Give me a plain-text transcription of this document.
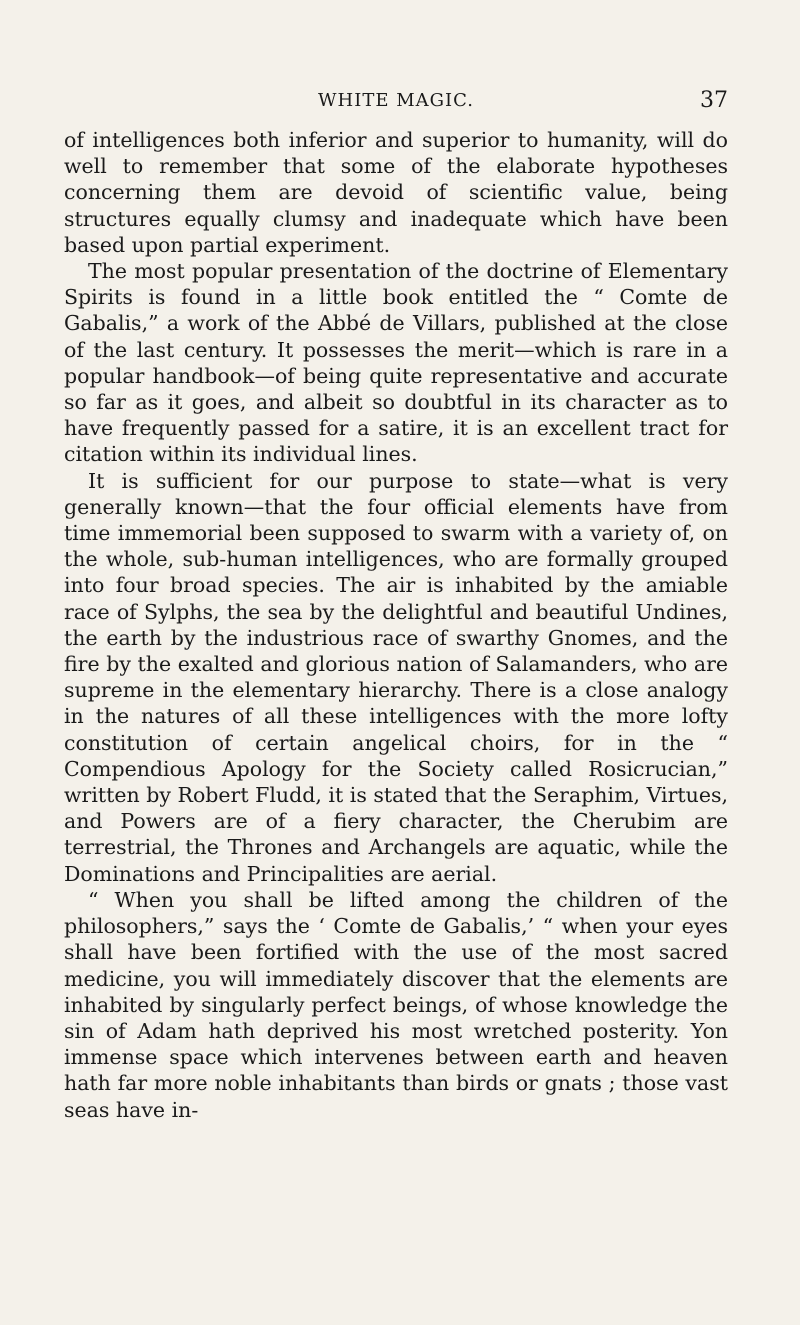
WHITE MAGIC.	37

of intelligences both inferior and superior to humanity, will do well to remember that some of the elaborate hypotheses concerning them are devoid of scientific value, being structures equally clumsy and inadequate which have been based upon partial experiment.

The most popular presentation of the doctrine of Elementary Spirits is found in a little book entitled the “ Comte de Gabalis,” a work of the Abbé de Villars, published at the close of the last century. It possesses the merit—which is rare in a popular handbook—of being quite representative and accurate so far as it goes, and albeit so doubtful in its character as to have frequently passed for a satire, it is an excellent tract for citation within its individual lines.

It is sufficient for our purpose to state—what is very generally known—that the four official elements have from time immemorial been supposed to swarm with a variety of, on the whole, sub-human intelligences, who are formally grouped into four broad species. The air is inhabited by the amiable race of Sylphs, the sea by the delightful and beautiful Undines, the earth by the industrious race of swarthy Gnomes, and the fire by the exalted and glorious nation of Salamanders, who are supreme in the elementary hierarchy. There is a close analogy in the natures of all these intelligences with the more lofty constitution of certain angelical choirs, for in the “ Compendious Apology for the Society called Rosicrucian,” written by Robert Fludd, it is stated that the Seraphim, Virtues, and Powers are of a fiery character, the Cherubim are terrestrial, the Thrones and Archangels are aquatic, while the Dominations and Principalities are aerial.

“ When you shall be lifted among the children of the philosophers,” says the ‘ Comte de Gabalis,’ “ when your eyes shall have been fortified with the use of the most sacred medicine, you will immediately discover that the elements are inhabited by singularly perfect beings, of whose knowledge the sin of Adam hath deprived his most wretched posterity. Yon immense space which intervenes between earth and heaven hath far more noble inhabitants than birds or gnats ; those vast seas have in-
